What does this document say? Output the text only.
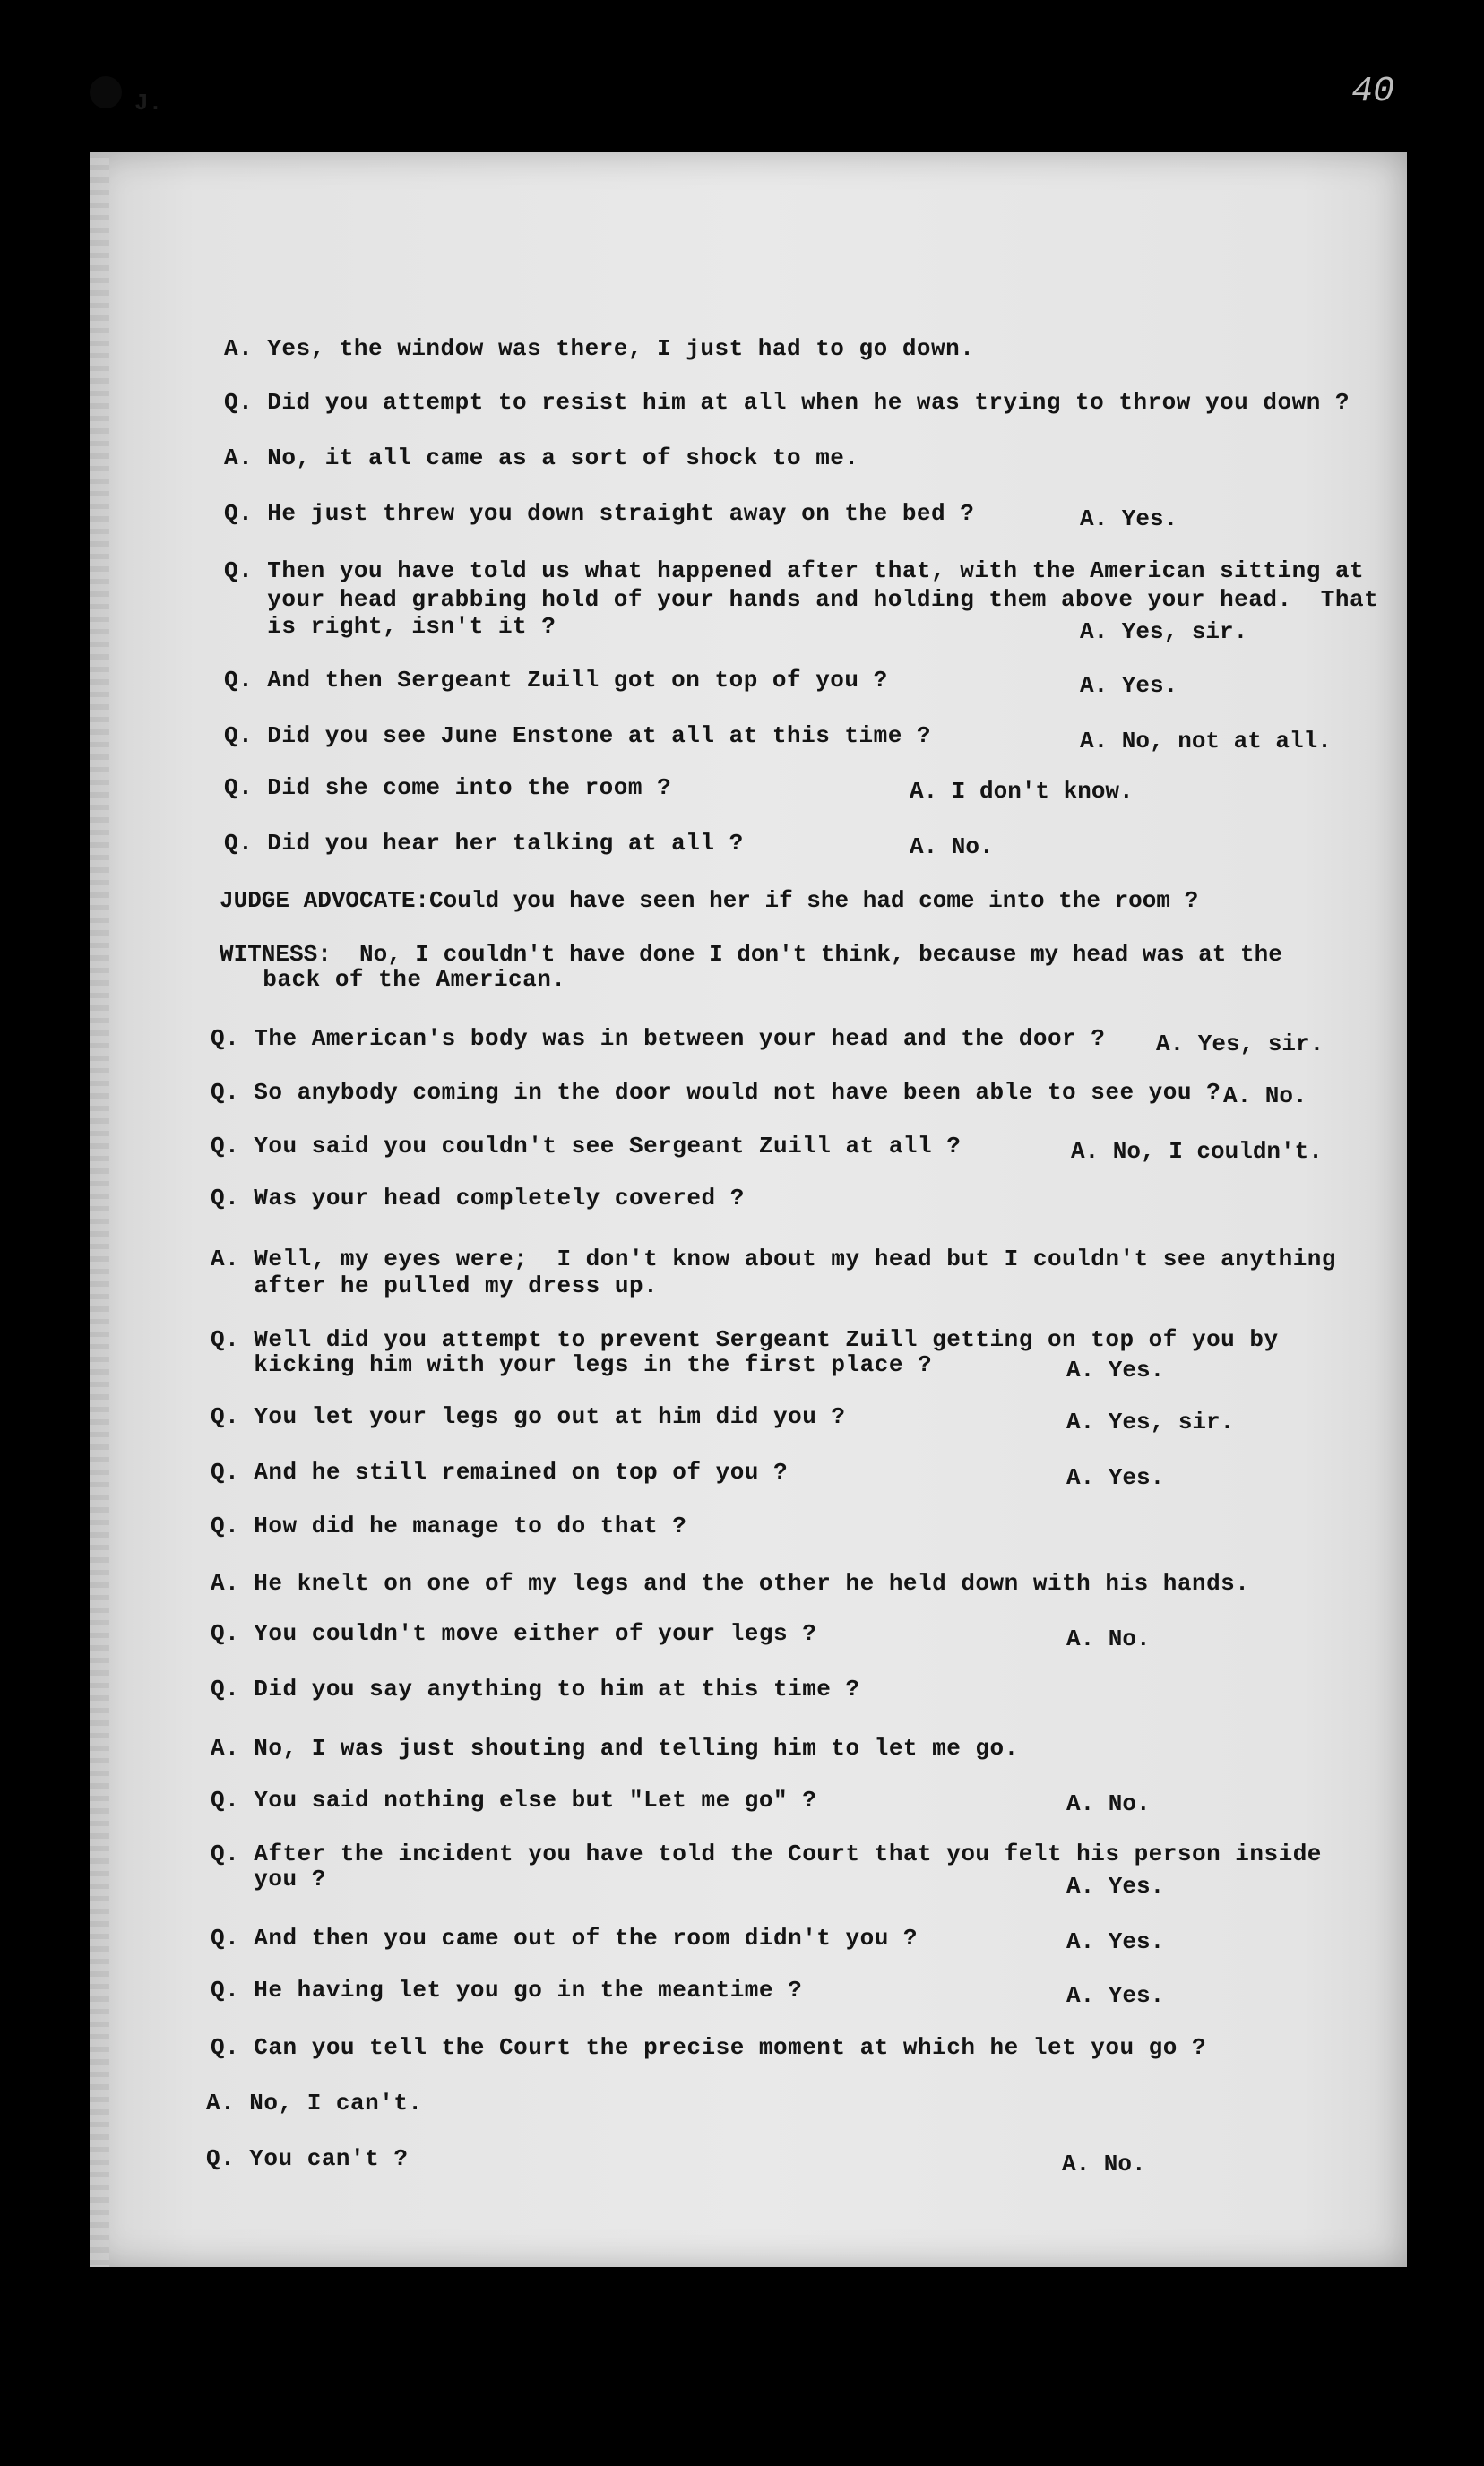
J.	40
A. Yes, the window was there, I just had to go down.
Q. Did you attempt to resist him at all when he was trying to throw you down ?
A. No, it all came as a sort of shock to me.
Q. He just threw you down straight away on the bed ?	A. Yes.
Q. Then you have told us what happened after that, with the American sitting at
your head grabbing hold of your hands and holding them above your head.  That
is right, isn't it ?	A. Yes, sir.
Q. And then Sergeant Zuill got on top of you ?	A. Yes.
Q. Did you see June Enstone at all at this time ?	A. No, not at all.
Q. Did she come into the room ?	A. I don't know.
Q. Did you hear her talking at all ?	A. No.
JUDGE ADVOCATE:Could you have seen her if she had come into the room ?
WITNESS:  No, I couldn't have done I don't think, because my head was at the
back of the American.
Q. The American's body was in between your head and the door ? A. Yes, sir.
Q. So anybody coming in the door would not have been able to see you ? A. No.
Q. You said you couldn't see Sergeant Zuill at all ?	A. No, I couldn't.
Q. Was your head completely covered ?
A. Well, my eyes were;  I don't know about my head but I couldn't see anything
after he pulled my dress up.
Q. Well did you attempt to prevent Sergeant Zuill getting on top of you by
kicking him with your legs in the first place ?	A. Yes.
Q. You let your legs go out at him did you ?	A. Yes, sir.
Q. And he still remained on top of you ?	A. Yes.
Q. How did he manage to do that ?
A. He knelt on one of my legs and the other he held down with his hands.
Q. You couldn't move either of your legs ?	A. No.
Q. Did you say anything to him at this time ?
A. No, I was just shouting and telling him to let me go.
Q. You said nothing else but "Let me go" ?	A. No.
Q. After the incident you have told the Court that you felt his person inside
you ?	A. Yes.
Q. And then you came out of the room didn't you ?	A. Yes.
Q. He having let you go in the meantime ?	A. Yes.
Q. Can you tell the Court the precise moment at which he let you go ?
A. No, I can't.
Q. You can't ?	A. No.
